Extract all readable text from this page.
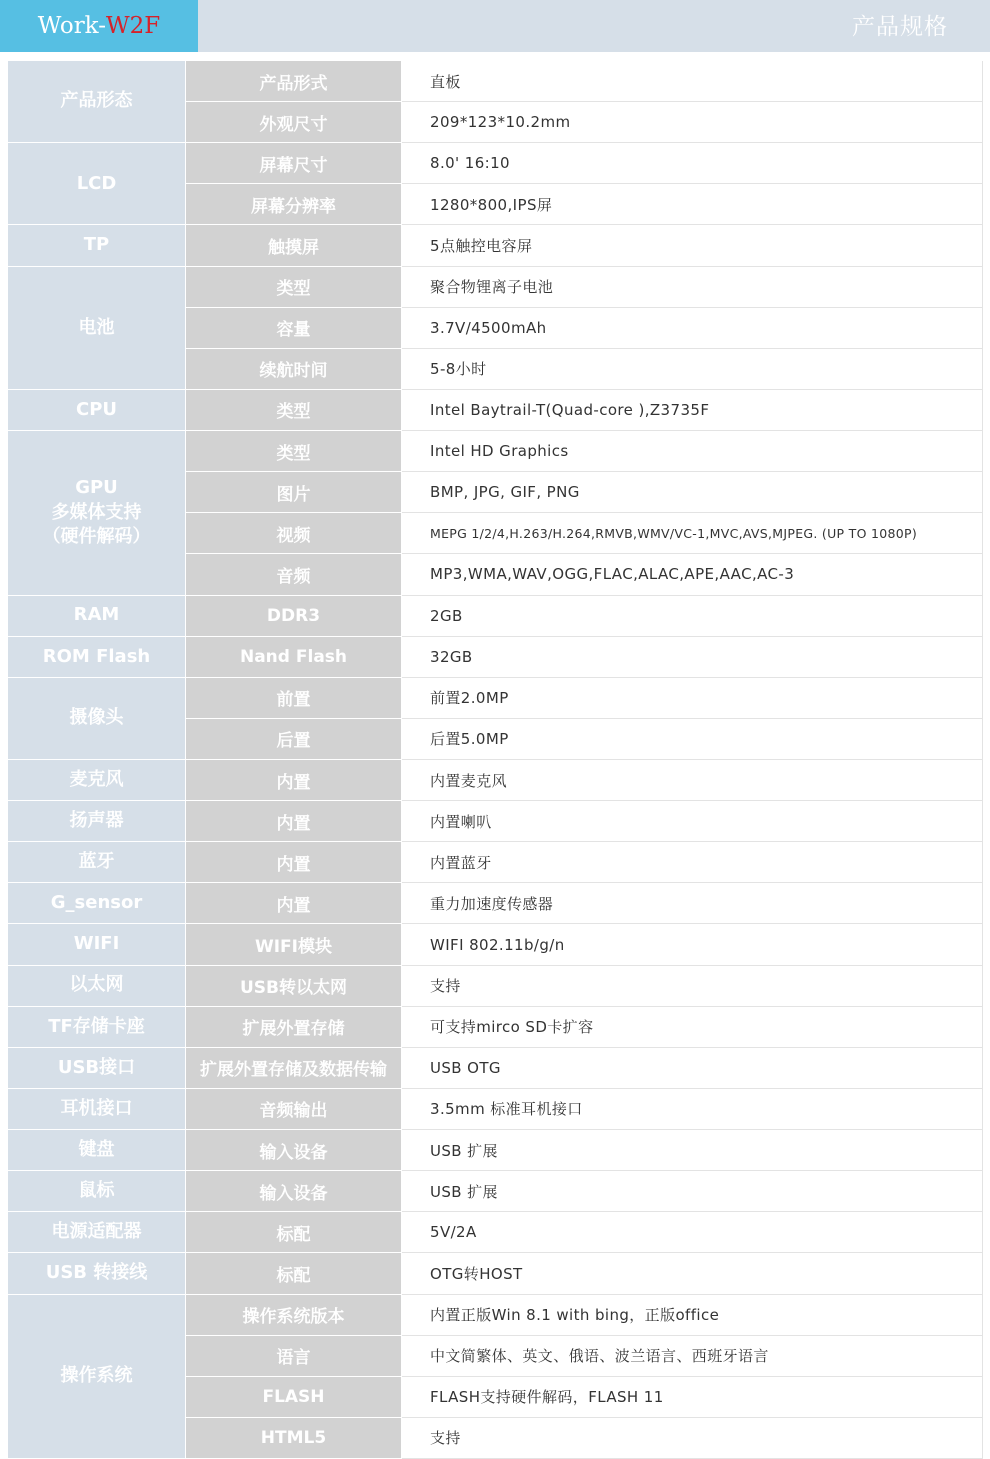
Work- W2F	产品规格
产品形态
产品形式	直板
外观尺寸	209*123*10.2mm
LCD
屏幕尺寸	8.0' 16:10
屏幕分辨率	1280*800,IPS屏
TP	触摸屏	5点触控电容屏
电池
类型	聚合物锂离子电池
容量	3.7V/4500mAh
续航时间	5-8小时
CPU	类型	Intel Baytrail-T(Quad-core ),Z3735F
GPU
多媒体支持
（硬件解码）
类型	Intel HD Graphics
图片	BMP, JPG, GIF, PNG
视频	MEPG 1/2/4,H.263/H.264,RMVB,WMV/VC-1,MVC,AVS,MJPEG. (UP TO 1080P)
音频	MP3,WMA,WAV,OGG,FLAC,ALAC,APE,AAC,AC-3
RAM	DDR3	2GB
ROM Flash	Nand Flash	32GB
摄像头
前置	前置2.0MP
后置	后置5.0MP
麦克风	内置	内置麦克风
扬声器	内置	内置喇叭
蓝牙	内置	内置蓝牙
G_sensor	内置	重力加速度传感器
WIFI	WIFI模块	WIFI 802.11b/g/n
以太网	USB转以太网	支持
TF存储卡座	扩展外置存储	可支持mirco SD卡扩容
USB接口	扩展外置存储及数据传输	USB OTG
耳机接口	音频输出	3.5mm 标准耳机接口
键盘	输入设备	USB 扩展
鼠标	输入设备	USB 扩展
电源适配器	标配	5V/2A
USB 转接线	标配	OTG转HOST
操作系统
操作系统版本	内置正版Win 8.1 with bing，正版office
语言	中文简繁体、英文、俄语、波兰语言、西班牙语言
FLASH	FLASH支持硬件解码，FLASH 11
HTML5	支持
